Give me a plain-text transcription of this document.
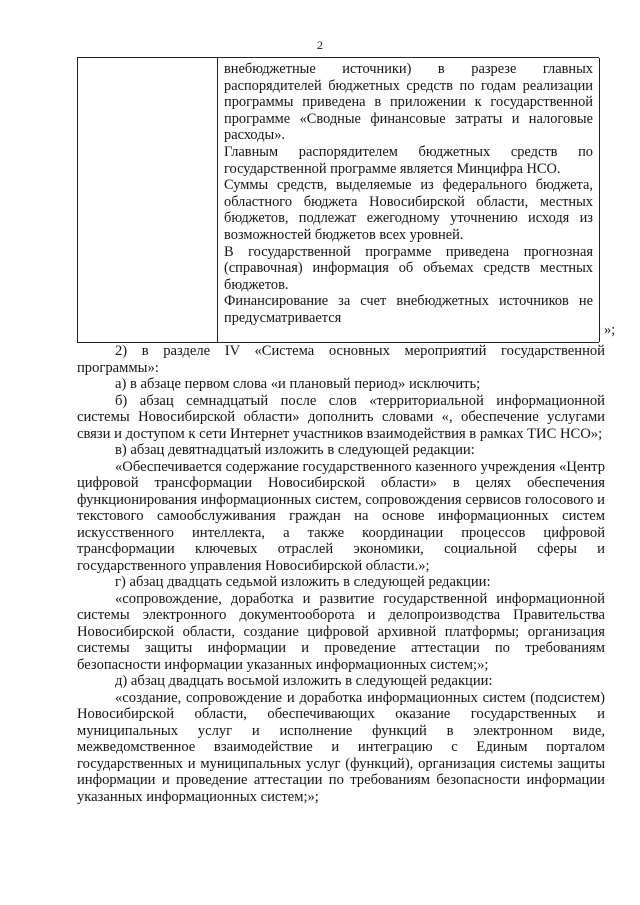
2

внебюджетные источники) в разрезе главных распорядителей бюджетных средств по годам реализации программы приведена в приложении к государственной программе «Сводные финансовые затраты и налоговые расходы».

Главным распорядителем бюджетных средств по государственной программе является Минцифра НСО.

Суммы средств, выделяемые из федерального бюджета, областного бюджета Новосибирской области, местных бюджетов, подлежат ежегодному уточнению исходя из возможностей бюджетов всех уровней.

В государственной программе приведена прогнозная (справочная) информация об объемах средств местных бюджетов.

Финансирование за счет внебюджетных источников не предусматривается

»;

2) в разделе IV «Система основных мероприятий государственной программы»:

а) в абзаце первом слова «и плановый период» исключить;

б) абзац семнадцатый после слов «территориальной информационной системы Новосибирской области» дополнить словами «, обеспечение услугами связи и доступом к сети Интернет участников взаимодействия в рамках ТИС НСО»;

в) абзац девятнадцатый изложить в следующей редакции:

«Обеспечивается содержание государственного казенного учреждения «Центр цифровой трансформации Новосибирской области» в целях обеспечения функционирования информационных систем, сопровождения сервисов голосового и текстового самообслуживания граждан на основе информационных систем искусственного интеллекта, а также координации процессов цифровой трансформации ключевых отраслей экономики, социальной сферы и государственного управления Новосибирской области.»;

г) абзац двадцать седьмой изложить в следующей редакции:

«сопровождение, доработка и развитие государственной информационной системы электронного документооборота и делопроизводства Правительства Новосибирской области, создание цифровой архивной платформы; организация системы защиты информации и проведение аттестации по требованиям безопасности информации указанных информационных систем;»;

д) абзац двадцать восьмой изложить в следующей редакции:

«создание, сопровождение и доработка информационных систем (подсистем) Новосибирской области, обеспечивающих оказание государственных и муниципальных услуг и исполнение функций в электронном виде, межведомственное взаимодействие и интеграцию с Единым порталом государственных и муниципальных услуг (функций), организация системы защиты информации и проведение аттестации по требованиям безопасности информации указанных информационных систем;»;
